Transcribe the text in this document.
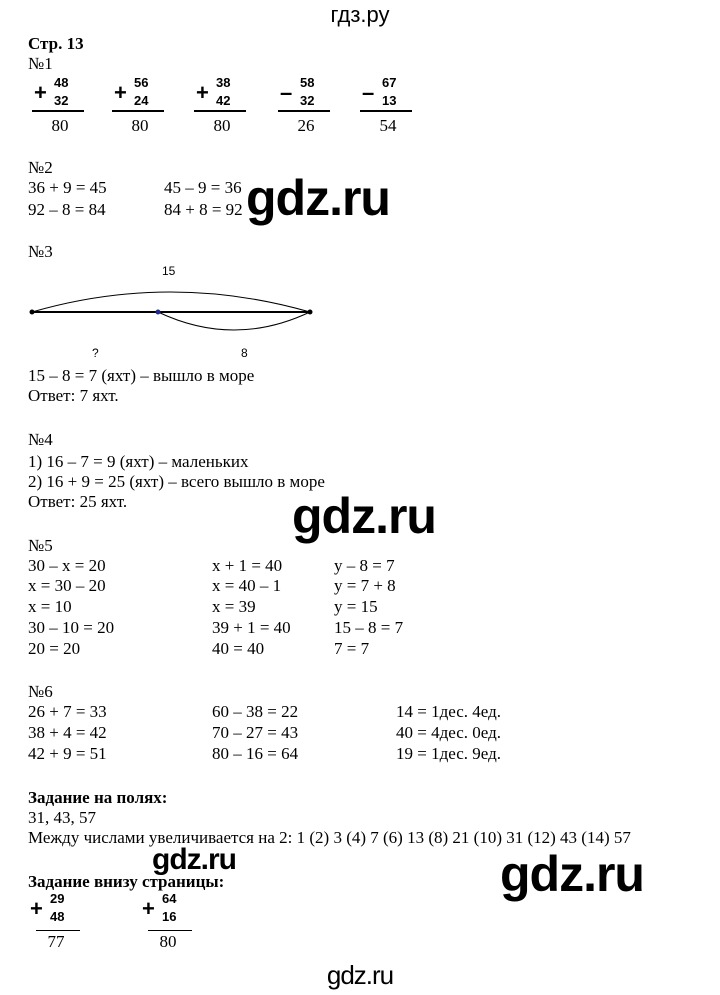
гдз.ру
Стр. 13
№1
+ 48
32
80
+ 56
24
80
+ 38
42
80
– 58
32
26
– 67
13
54
№2
36 + 9 = 45
92 – 8 = 84
45 – 9 = 36
84 + 8 = 92
№3
15
?	8
15 – 8 = 7 (яхт) – вышло в море
Ответ: 7 яхт.
№4
1) 16 – 7 = 9 (яхт) – маленьких
2) 16 + 9 = 25 (яхт) – всего вышло в море
Ответ: 25 яхт.
№5
30 – x = 20
x = 30 – 20
x = 10
30 – 10 = 20
20 = 20
x + 1 = 40
x = 40 – 1
x = 39
39 + 1 = 40
40 = 40
y – 8 = 7
y = 7 + 8
y = 15
15 – 8 = 7
7 = 7
№6
26 + 7 = 33
38 + 4 = 42
42 + 9 = 51
60 – 38 = 22
70 – 27 = 43
80 – 16 = 64
14 = 1дес. 4ед.
40 = 4дес. 0ед.
19 = 1дес. 9ед.
Задание на полях:
31, 43, 57
Между числами увеличивается на 2: 1 (2) 3 (4) 7 (6) 13 (8) 21 (10) 31 (12) 43 (14) 57
Задание внизу страницы:
+ 29
48
77
+ 64
16
80
gdz.ru
gdz.ru
gdz.ru	gdz.ru
gdz.ru
